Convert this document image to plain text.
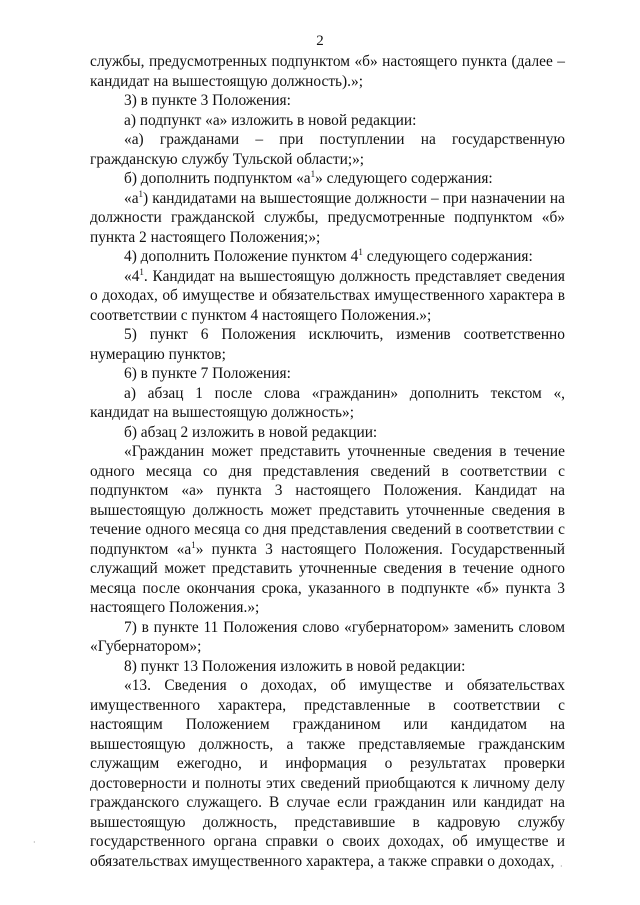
2

службы, предусмотренных подпунктом «б» настоящего пункта (далее – кандидат на вышестоящую должность).»;

3) в пункте 3 Положения:

а) подпункт «а» изложить в новой редакции:

«а) гражданами – при поступлении на государственную гражданскую службу Тульской области;»;

б) дополнить подпунктом «$а^1$» следующего содержания:

«$а^1$) кандидатами на вышестоящие должности – при назначении на должности гражданской службы, предусмотренные подпунктом «б» пункта 2 настоящего Положения;»;

4) дополнить Положение пунктом $4^1$ следующего содержания:

«$4^1$. Кандидат на вышестоящую должность представляет сведения о доходах, об имуществе и обязательствах имущественного характера в соответствии с пунктом 4 настоящего Положения.»;

5) пункт 6 Положения исключить, изменив соответственно нумерацию пунктов;

6) в пункте 7 Положения:

а) абзац 1 после слова «гражданин» дополнить текстом «, кандидат на вышестоящую должность»;

б) абзац 2 изложить в новой редакции:

«Гражданин может представить уточненные сведения в течение одного месяца со дня представления сведений в соответствии с подпунктом «а» пункта 3 настоящего Положения. Кандидат на вышестоящую должность может представить уточненные сведения в течение одного месяца со дня представления сведений в соответствии с подпунктом «$а^1$» пункта 3 настоящего Положения. Государственный служащий может представить уточненные сведения в течение одного месяца после окончания срока, указанного в подпункте «б» пункта 3 настоящего Положения.»;

7) в пункте 11 Положения слово «губернатором» заменить словом «Губернатором»;

8) пункт 13 Положения изложить в новой редакции:

«13. Сведения о доходах, об имуществе и обязательствах имущественного характера, представленные в соответствии с настоящим Положением гражданином или кандидатом на вышестоящую должность, а также представляемые гражданским служащим ежегодно, и информация о результатах проверки достоверности и полноты этих сведений приобщаются к личному делу гражданского служащего. В случае если гражданин или кандидат на вышестоящую должность, представившие в кадровую службу государственного органа справки о своих доходах, об имуществе и обязательствах имущественного характера, а также справки о доходах,

·
·
